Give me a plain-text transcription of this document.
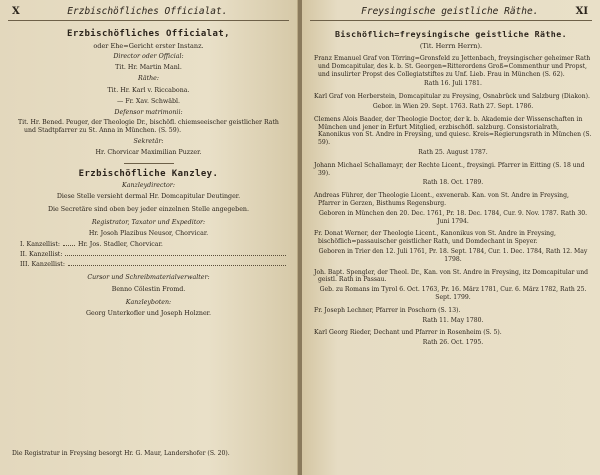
X	Erzbischöfliches Officialat.
Erzbischöfliches Officialat,
oder Ehe=Gericht erster Instanz.
Director oder Official:
Tit. Hr. Martin Manl.
Räthe:
Tit. Hr. Karl v. Riccabona.
— Fr. Xav. Schwäbl.
Defensor matrimonii:
Tit. Hr. Bened. Peuger, der Theologie Dr., bischöfl. chiemseeischer geistlicher Rath und Stadtpfarrer zu St. Anna in München. (S. 59).
Sekretär:
Hr. Chorvicar Maximilian Puzzer.
Erzbischöfliche Kanzley.
Kanzleydirector:
Diese Stelle versieht dermal Hr. Domcapitular Deutinger.
Die Secretäre sind oben bey jeder einzelnen Stelle angegeben.
Registrator, Taxator und Expeditor:
Hr. Josoh Plazibus Neusor, Chorvicar.
I. Kanzellist:	Hr. Jos. Stadler, Chorvicar.
II. Kanzellist:
III. Kanzellist:
Cursor und Schreibmaterialverwalter:
Benno Cölestin Fromd.
Kanzleyboten:
Georg Unterkofler und Joseph Holzner.
Die Registratur in Freysing besorgt Hr. G. Maur, Landershofer (S. 20).
Freysingische geistliche Räthe.	XI
Bischöflich=freysingische geistliche Räthe.
(Tit. Herrn Herrn).
Franz Emanuel Graf von Törring=Gronsfeld zu Jettenbach, freysingischer geheimer Rath und Domcapitular, des k. b. St. Georgen=Ritterordens Groß=Commenthur und Propst, und insulirter Propst des Collegiatstiftes zu Unf. Lieb. Frau in München (S. 62).
Rath 16. Juli 1781.
Karl Graf von Herberstein, Domcapitular zu Freysing, Osnabrück und Salzburg (Diakon).
Gebor. in Wien 29. Sept. 1763. Rath 27. Sept. 1786.
Clemens Alois Baader, der Theologie Doctor, der k. b. Akademie der Wissenschaften in München und jener in Erfurt Mitglied, erzbischöfl. salzburg. Consistorialrath, Kanonikus von St. Andre in Freysing, und quiesc. Kreis=Regierungsrath in München (S. 59).
Rath 25. August 1787.
Johann Michael Schallamayr, der Rechte Licent., freysingi. Pfarrer in Eitting (S. 18 und 39).
Rath 18. Oct. 1789.
Andreas Führer, der Theologie Licent., exvenerab. Kan. von St. Andre in Freysing, Pfarrer in Gerzen, Bisthums Regensburg.
Geboren in München den 20. Dec. 1761, Pr. 18. Dec. 1784, Cur. 9. Nov. 1787. Rath 30. Juni 1794.
Fr. Donat Werner, der Theologie Licent., Kanonikus von St. Andre in Freysing, bischöflich=passauischer geistlicher Rath, und Domdechant in Speyer.
Geboren in Trier den 12. Juli 1761, Pr. 18. Sept. 1784, Cur. 1. Dec. 1784, Rath 12. May 1798.
Joh. Bapt. Spengler, der Theol. Dr., Kan. von St. Andre in Freysing, itz Domcapitular und geistl. Rath in Passau.
Geb. zu Romans im Tyrol 6. Oct. 1763, Pr. 16. März 1781, Cur. 6. März 1782, Rath 25. Sept. 1799.
Fr. Joseph Lechner, Pfarrer in Poschorn (S. 13).
Rath 11. May 1780.
Karl Georg Rieder, Dechant und Pfarrer in Rosenheim (S. 5).
Rath 26. Oct. 1795.
